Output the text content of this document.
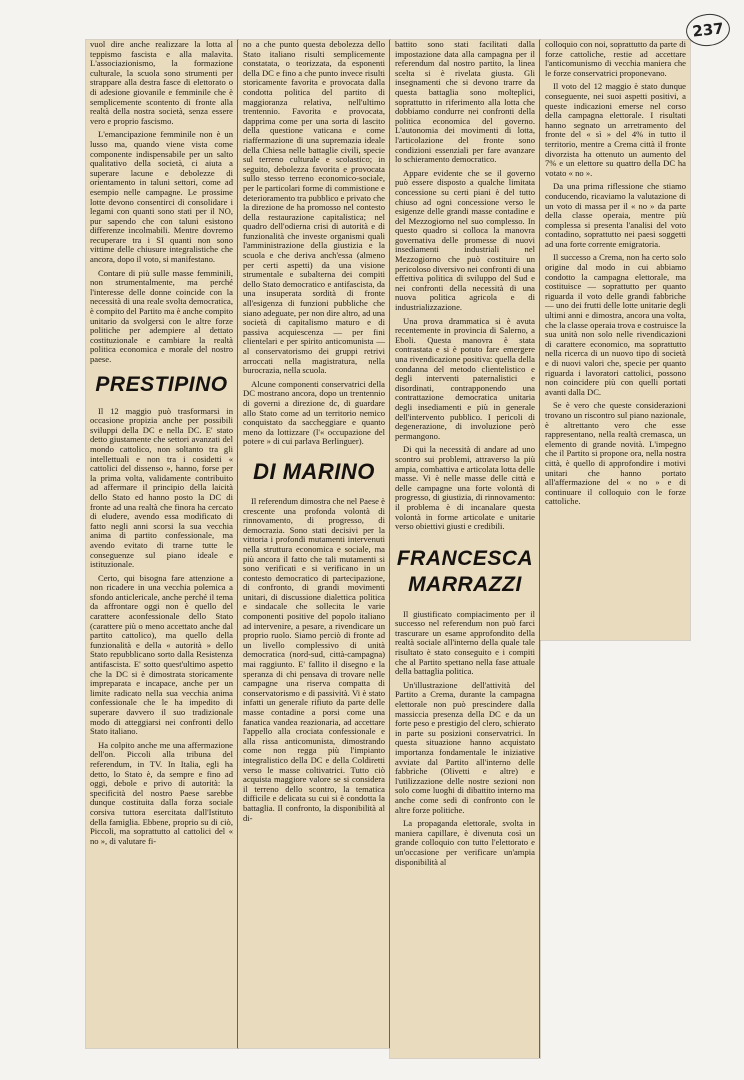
237

vuol dire anche realizzare la lotta al teppismo fascista e alla malavita. L'associazionismo, la formazione culturale, la scuola sono strumenti per strappare alla destra fasce di elettorato o di adesione giovanile e femminile che è semplicemente scontento di fronte alla realtà della nostra società, senza essere vero e proprio fascismo.

L'emancipazione femminile non è un lusso ma, quando viene vista come componente indispensabile per un salto qualitativo della società, ci aiuta a superare lacune e debolezze di orientamento in taluni settori, come ad esempio nelle campagne. Le prossime lotte devono consentirci di consolidare i legami con quanti sono stati per il NO, pur sapendo che con taluni esistono differenze incolmabili. Mentre dovremo recuperare tra i SI quanti non sono vittime delle chiusure integralistiche che ancora, dopo il voto, si manifestano.

Contare di più sulle masse femminili, non strumentalmente, ma perché l'interesse delle donne coincide con la necessità di una reale svolta democratica, è compito del Partito ma è anche compito unitario da svolgersi con le altre forze politiche per adempiere al dettato costituzionale e cambiare la realtà politica economica e morale del nostro paese.

PRESTIPINO

Il 12 maggio può trasformarsi in occasione propizia anche per possibili sviluppi della DC e nella DC. E' stato detto giustamente che settori avanzati del mondo cattolico, non soltanto tra gli intellettuali e non tra i cosidetti « cattolici del dissenso », hanno, forse per la prima volta, validamente contribuito ad affermare il principio della laicità dello Stato ed hanno posto la DC di fronte ad una realtà che finora ha cercato di eludere, avendo essa modificato di fatto negli anni scorsi la sua vecchia anima di partito confessionale, ma avendo evitato di trarne tutte le conseguenze sul piano ideale e istituzionale.

Certo, qui bisogna fare attenzione a non ricadere in una vecchia polemica a sfondo anticlericale, anche perché il tema da affrontare oggi non è quello del carattere aconfessionale dello Stato (carattere più o meno accettato anche dal partito cattolico), ma quello della funzionalità e della « autorità » dello Stato repubblicano sorto dalla Resistenza antifascista. E' sotto quest'ultimo aspetto che la DC si è dimostrata storicamente impreparata e incapace, anche per un limite radicato nella sua vecchia anima confessionale che le ha impedito di superare davvero il suo tradizionale modo di atteggiarsi nei confronti dello Stato italiano.

Ha colpito anche me una affermazione dell'on. Piccoli alla tribuna del referendum, in TV. In Italia, egli ha detto, lo Stato è, da sempre e fino ad oggi, debole e privo di autorità: la specificità del nostro Paese sarebbe dunque costituita dalla forza sociale corsiva tuttora esercitata dall'Istituto della famiglia. Ebbene, proprio su di ciò, Piccoli, ma soprattutto al cattolici del « no », di valutare fi-

no a che punto questa debolezza dello Stato italiano risulti semplicemente constatata, o teorizzata, da esponenti della DC e fino a che punto invece risulti storicamente favorita e provocata dalla condotta politica del partito di maggioranza relativa, nell'ultimo trentennio. Favorita e provocata, dapprima come per una sorta di lascito della questione vaticana e come riaffermazione di una supremazia ideale della Chiesa nelle battaglie civili, specie sul terreno culturale e scolastico; in seguito, debolezza favorita e provocata sullo stesso terreno economico-sociale, per le particolari forme di commistione e deterioramento tra pubblico e privato che la direzione de ha promosso nel contesto della restaurazione capitalistica; nel quadro dell'odierna crisi di autorità e di funzionalità che investe organismi quali l'amministrazione della giustizia e la scuola e che deriva anch'essa (almeno per certi aspetti) da una visione strumentale e subalterna dei compiti dello Stato democratico e antifascista, da una insuperata sordità di fronte all'esigenza di funzioni pubbliche che siano adeguate, per non dire altro, ad una società di capitalismo maturo e di passiva acquiescenza — per fini clientelari e per spirito anticomunista — al conservatorismo dei gruppi retrivi arroccati nella magistratura, nella burocrazia, nella scuola.

Alcune componenti conservatrici della DC mostrano ancora, dopo un trentennio di governi a direzione dc, di guardare allo Stato come ad un territorio nemico conquistato da saccheggiare e quanto meno da lottizzare (l'« occupazione del potere » di cui parlava Berlinguer).

DI MARINO

Il referendum dimostra che nel Paese è crescente una profonda volontà di rinnovamento, di progresso, di democrazia. Sono stati decisivi per la vittoria i profondi mutamenti intervenuti nella struttura economica e sociale, ma più ancora il fatto che tali mutamenti si sono verificati e si verificano in un contesto democratico di partecipazione, di confronto, di grandi movimenti unitari, di discussione dialettica politica e sindacale che sollecita le varie componenti positive del popolo italiano ad intervenire, a pesare, a rivendicare un proprio ruolo. Siamo perciò di fronte ad un livello complessivo di unità democratica (nord-sud, città-campagna) mai raggiunto. E' fallito il disegno e la speranza di chi pensava di trovare nelle campagne una riserva compatta di conservatorismo e di passività. Vi è stato infatti un generale rifiuto da parte delle masse contadine a porsi come una fanatica vandea reazionaria, ad accettare l'appello alla crociata confessionale e alla rissa anticomunista, dimostrando come non regga più l'impianto integralistico della DC e della Coldiretti verso le masse coltivatrici. Tutto ciò acquista maggiore valore se si considera il terreno dello scontro, la tematica difficile e delicata su cui si è condotta la battaglia. Il confronto, la disponibilità al di-

battito sono stati facilitati dalla impostazione data alla campagna per il referendum dal nostro partito, la linea scelta si è rivelata giusta. Gli insegnamenti che si devono trarre da questa battaglia sono molteplici, soprattutto in riferimento alla lotta che dobbiamo condurre nei confronti della politica economica del governo. L'autonomia dei movimenti di lotta, l'articolazione del fronte sono condizioni essenziali per fare avanzare lo schieramento democratico.

Appare evidente che se il governo può essere disposto a qualche limitata concessione su certi piani è del tutto chiuso ad ogni concessione verso le esigenze delle grandi masse contadine e del Mezzogiorno nel suo complesso. In questo quadro si colloca la manovra governativa delle promesse di nuovi insediamenti industriali nel Mezzogiorno che può costituire un pericoloso diversivo nei confronti di una effettiva politica di sviluppo del Sud e nei confronti della necessità di una nuova politica agricola e di industrializzazione.

Una prova drammatica si è avuta recentemente in provincia di Salerno, a Eboli. Questa manovra è stata contrastata e si è potuto fare emergere una rivendicazione positiva: quella della condanna del metodo clientelistico e degli interventi paternalistici e disordinati, contrapponendo una contrattazione democratica unitaria degli insediamenti e più in generale dell'intervento pubblico. I pericoli di degenerazione, di involuzione però permangono.

Di qui la necessità di andare ad uno scontro sui problemi, attraverso la più ampia, combattiva e articolata lotta delle masse. Vi è nelle masse delle città e delle campagne una forte volontà di progresso, di giustizia, di rinnovamento: il problema è di incanalare questa volontà in forme articolate e unitarie verso obiettivi giusti e credibili.

FRANCESCA
MARRAZZI

Il giustificato compiacimento per il successo nel referendum non può farci trascurare un esame approfondito della realtà sociale all'interno della quale tale risultato è stato conseguito e i compiti che al Partito spettano nella fase attuale della battaglia politica.

Un'illustrazione dell'attività del Partito a Crema, durante la campagna elettorale non può prescindere dalla massiccia presenza della DC e da un forte peso e prestigio del clero, schierato in parte su posizioni conservatrici. In questa situazione hanno acquistato importanza fondamentale le iniziative avviate dal Partito all'interno delle fabbriche (Olivetti e altre) e l'utilizzazione delle nostre sezioni non solo come luoghi di dibattito interno ma anche come sedi di confronto con le altre forze politiche.

La propaganda elettorale, svolta in maniera capillare, è divenuta così un grande colloquio con tutto l'elettorato e un'occasione per verificare un'ampia disponibilità al

colloquio con noi, soprattutto da parte di forze cattoliche, restie ad accettare l'anticomunismo di vecchia maniera che le forze conservatrici proponevano.

Il voto del 12 maggio è stato dunque conseguente, nei suoi aspetti positivi, a queste indicazioni emerse nel corso della campagna elettorale. I risultati hanno segnato un arretramento del fronte del « sì » del 4% in tutto il territorio, mentre a Crema città il fronte divorzista ha ottenuto un aumento del 7% e un elettore su quattro della DC ha votato « no ».

Da una prima riflessione che stiamo conducendo, ricaviamo la valutazione di un voto di massa per il « no » da parte della classe operaia, mentre più complessa si presenta l'analisi del voto contadino, soprattutto nei paesi soggetti ad una forte corrente emigratoria.

Il successo a Crema, non ha certo solo origine dal modo in cui abbiamo condotto la campagna elettorale, ma costituisce — soprattutto per quanto riguarda il voto delle grandi fabbriche — uno dei frutti delle lotte unitarie degli ultimi anni e dimostra, ancora una volta, che la classe operaia trova e costruisce la sua unità non solo nelle rivendicazioni di carattere economico, ma soprattutto nella ricerca di un nuovo tipo di società e di nuovi valori che, specie per quanto riguarda i lavoratori cattolici, possono non coincidere più con quelli portati avanti dalla DC.

Se è vero che queste considerazioni trovano un riscontro sul piano nazionale, è altrettanto vero che esse rappresentano, nella realtà cremasca, un elemento di grande novità. L'impegno che il Partito si propone ora, nella nostra città, è quello di approfondire i motivi unitari che hanno portato all'affermazione del « no » e di continuare il colloquio con le forze cattoliche.
